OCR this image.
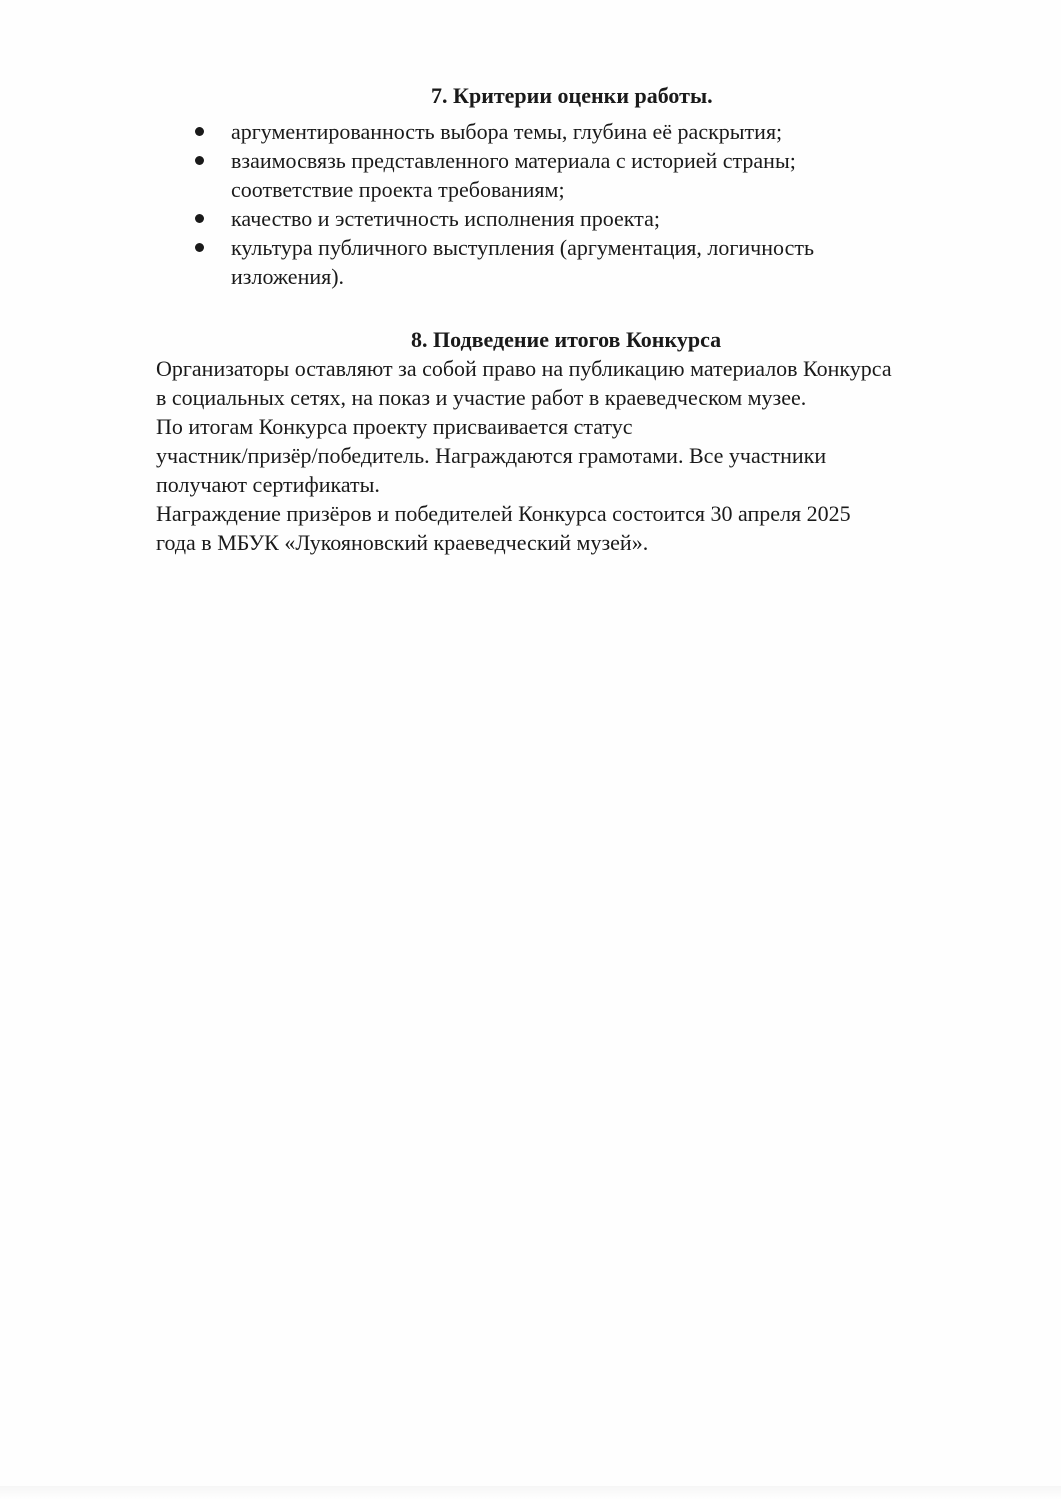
7. Критерии оценки работы.
аргументированность выбора темы, глубина её раскрытия;
взаимосвязь представленного материала с историей страны;
соответствие проекта требованиям;
качество и эстетичность исполнения проекта;
культура публичного выступления (аргументация, логичность
изложения).
8. Подведение итогов Конкурса
Организаторы оставляют за собой право на публикацию материалов Конкурса
в социальных сетях, на показ и участие работ в краеведческом музее.
По итогам Конкурса проекту присваивается статус
участник/призёр/победитель. Награждаются грамотами. Все участники
получают сертификаты.
Награждение призёров и победителей Конкурса состоится 30 апреля 2025
года в МБУК «Лукояновский краеведческий музей».
